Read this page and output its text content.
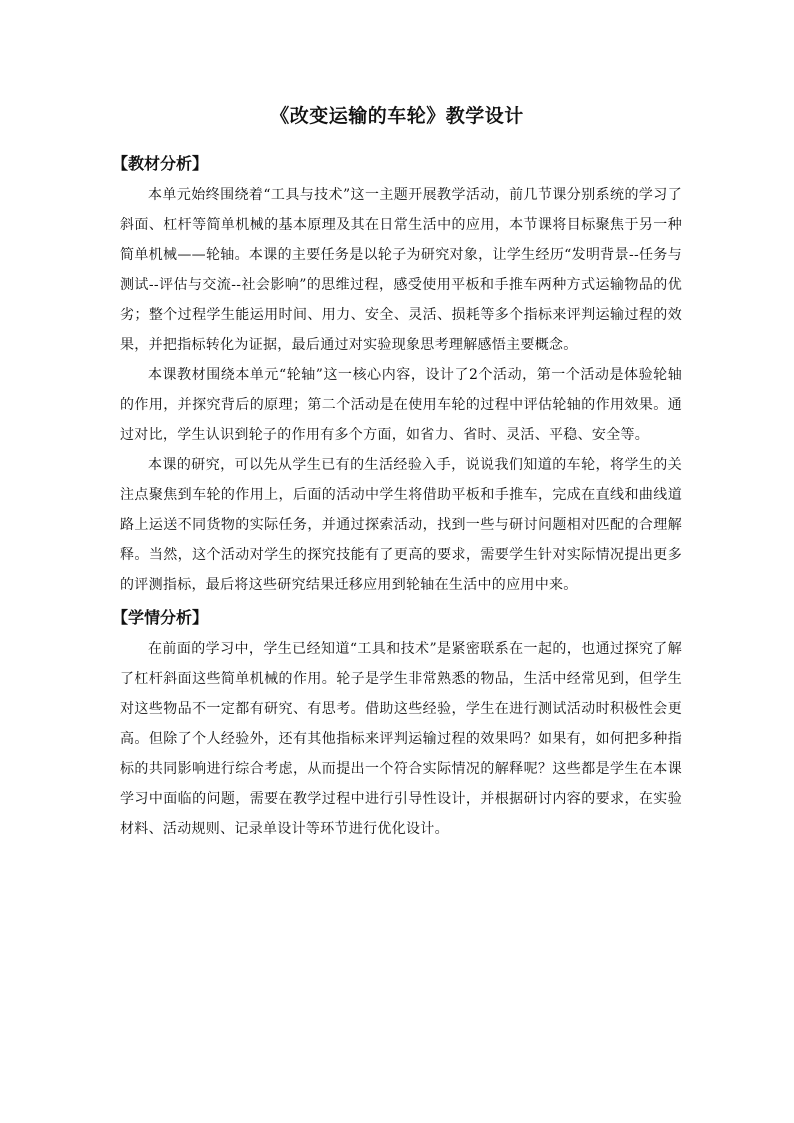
《改变运输的车轮》教学设计
【教材分析】

本单元始终围绕着“工具与技术”这一主题开展教学活动，前几节课分别系统的学习了斜面、杠杆等简单机械的基本原理及其在日常生活中的应用，本节课将目标聚焦于另一种简单机械——轮轴。本课的主要任务是以轮子为研究对象，让学生经历“发明背景--任务与测试--评估与交流--社会影响”的思维过程，感受使用平板和手推车两种方式运输物品的优劣；整个过程学生能运用时间、用力、安全、灵活、损耗等多个指标来评判运输过程的效果，并把指标转化为证据，最后通过对实验现象思考理解感悟主要概念。

本课教材围绕本单元“轮轴”这一核心内容，设计了2个活动，第一个活动是体验轮轴的作用，并探究背后的原理；第二个活动是在使用车轮的过程中评估轮轴的作用效果。通过对比，学生认识到轮子的作用有多个方面，如省力、省时、灵活、平稳、安全等。

本课的研究，可以先从学生已有的生活经验入手，说说我们知道的车轮，将学生的关注点聚焦到车轮的作用上，后面的活动中学生将借助平板和手推车，完成在直线和曲线道路上运送不同货物的实际任务，并通过探索活动，找到一些与研讨问题相对匹配的合理解释。当然，这个活动对学生的探究技能有了更高的要求，需要学生针对实际情况提出更多的评测指标，最后将这些研究结果迁移应用到轮轴在生活中的应用中来。

【学情分析】

在前面的学习中，学生已经知道“工具和技术”是紧密联系在一起的，也通过探究了解了杠杆斜面这些简单机械的作用。轮子是学生非常熟悉的物品，生活中经常见到，但学生对这些物品不一定都有研究、有思考。借助这些经验，学生在进行测试活动时积极性会更高。但除了个人经验外，还有其他指标来评判运输过程的效果吗？如果有，如何把多种指标的共同影响进行综合考虑，从而提出一个符合实际情况的解释呢？这些都是学生在本课学习中面临的问题，需要在教学过程中进行引导性设计，并根据研讨内容的要求，在实验材料、活动规则、记录单设计等环节进行优化设计。
